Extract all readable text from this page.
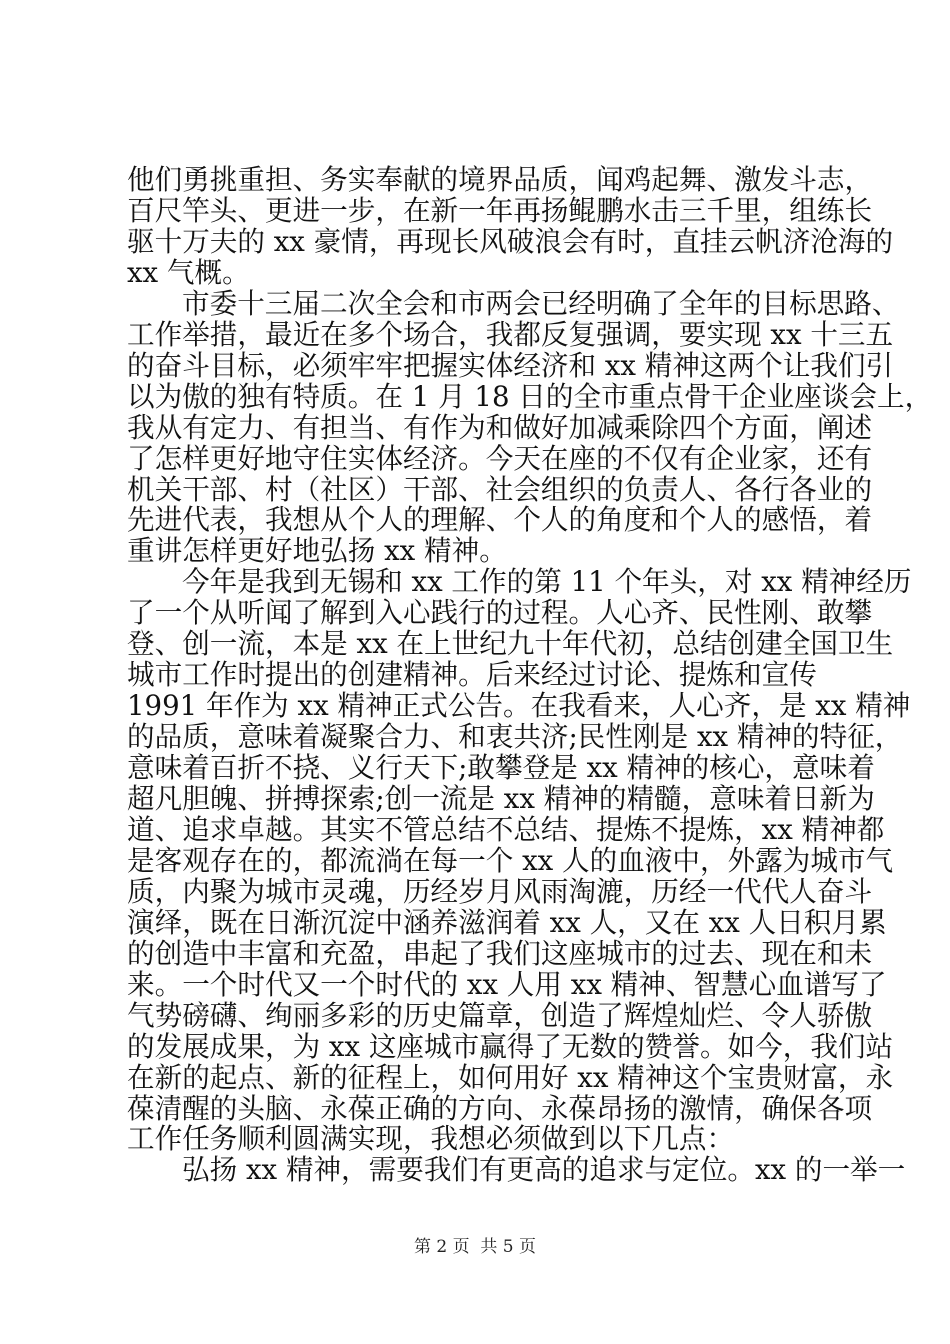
他们勇挑重担、务实奉献的境界品质，闻鸡起舞、激发斗志，
百尺竿头、更进一步，在新一年再扬鲲鹏水击三千里，组练长
驱十万夫的 xx 豪情，再现长风破浪会有时，直挂云帆济沧海的
xx 气概。
市委十三届二次全会和市两会已经明确了全年的目标思路、
工作举措，最近在多个场合，我都反复强调，要实现 xx 十三五
的奋斗目标，必须牢牢把握实体经济和 xx 精神这两个让我们引
以为傲的独有特质。在 1 月 18 日的全市重点骨干企业座谈会上，
我从有定力、有担当、有作为和做好加减乘除四个方面，阐述
了怎样更好地守住实体经济。今天在座的不仅有企业家，还有
机关干部、村（社区）干部、社会组织的负责人、各行各业的
先进代表，我想从个人的理解、个人的角度和个人的感悟，着
重讲怎样更好地弘扬 xx 精神。
今年是我到无锡和 xx 工作的第 11 个年头，对 xx 精神经历
了一个从听闻了解到入心践行的过程。人心齐、民性刚、敢攀
登、创一流，本是 xx 在上世纪九十年代初，总结创建全国卫生
城市工作时提出的创建精神。后来经过讨论、提炼和宣传
1991 年作为 xx 精神正式公告。在我看来，人心齐，是 xx 精神
的品质，意味着凝聚合力、和衷共济;民性刚是 xx 精神的特征，
意味着百折不挠、义行天下;敢攀登是 xx 精神的核心，意味着
超凡胆魄、拼搏探索;创一流是 xx 精神的精髓，意味着日新为
道、追求卓越。其实不管总结不总结、提炼不提炼，xx 精神都
是客观存在的，都流淌在每一个 xx 人的血液中，外露为城市气
质，内聚为城市灵魂，历经岁月风雨淘漉，历经一代代人奋斗
演绎，既在日渐沉淀中涵养滋润着 xx 人，又在 xx 人日积月累
的创造中丰富和充盈，串起了我们这座城市的过去、现在和未
来。一个时代又一个时代的 xx 人用 xx 精神、智慧心血谱写了
气势磅礴、绚丽多彩的历史篇章，创造了辉煌灿烂、令人骄傲
的发展成果，为 xx 这座城市赢得了无数的赞誉。如今，我们站
在新的起点、新的征程上，如何用好 xx 精神这个宝贵财富，永
葆清醒的头脑、永葆正确的方向、永葆昂扬的激情，确保各项
工作任务顺利圆满实现，我想必须做到以下几点：
弘扬 xx 精神，需要我们有更高的追求与定位。xx 的一举一
第 2 页  共 5 页
